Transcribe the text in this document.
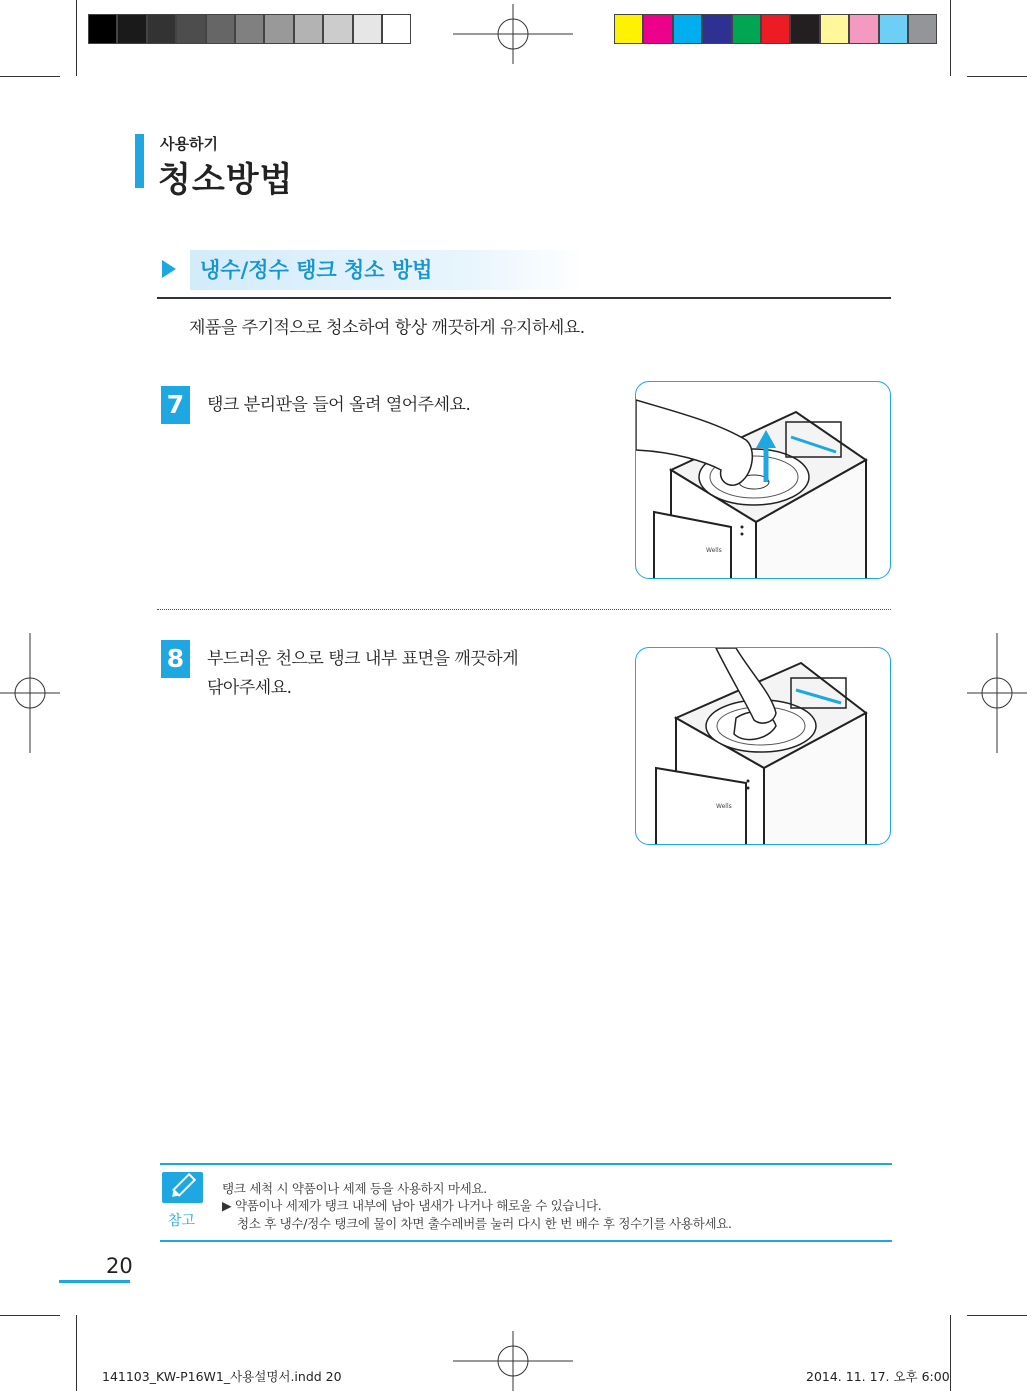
사용하기
청소방법
냉수/정수 탱크 청소 방법
제품을 주기적으로 청소하여 항상 깨끗하게 유지하세요.
7	탱크 분리판을 들어 올려 열어주세요.
Wells
8	부드러운 천으로 탱크 내부 표면을 깨끗하게
닦아주세요.
Wells
참고
탱크 세척 시 약품이나 세제 등을 사용하지 마세요.
▶ 약품이나 세제가 탱크 내부에 남아 냄새가 나거나 해로울 수 있습니다.
청소 후 냉수/정수 탱크에 물이 차면 출수레버를 눌러 다시 한 번 배수 후 정수기를 사용하세요.
20
141103_KW-P16W1_사용설명서.indd 20	2014. 11. 17. 오후 6:00
